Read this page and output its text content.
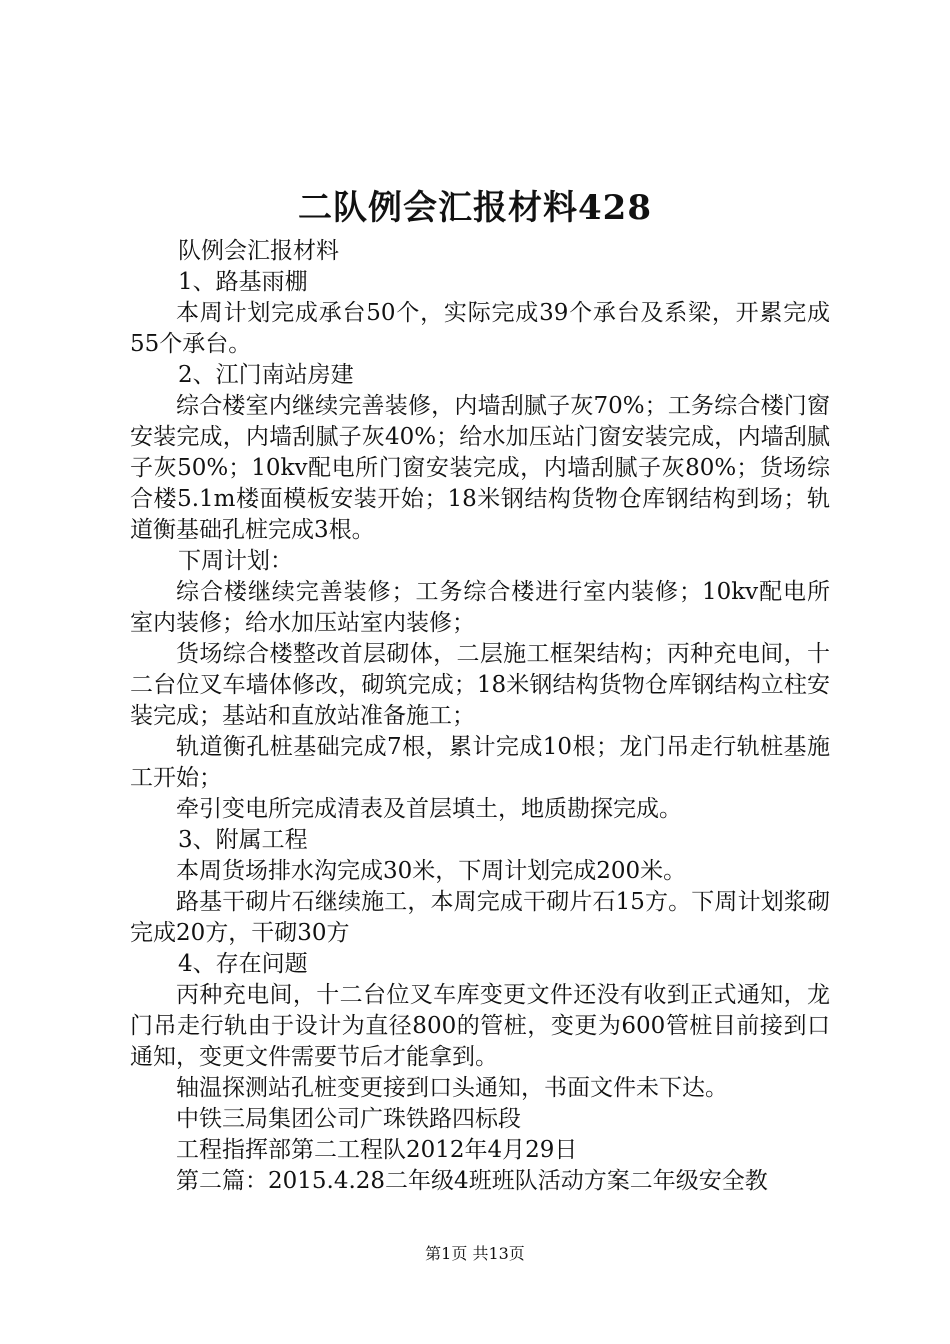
二队例会汇报材料428

队例会汇报材料

1、路基雨棚

本周计划完成承台50个，实际完成39个承台及系梁，开累完成55个承台。

2、江门南站房建

综合楼室内继续完善装修，内墙刮腻子灰70%；工务综合楼门窗安装完成，内墙刮腻子灰40%；给水加压站门窗安装完成，内墙刮腻子灰50%；10kv配电所门窗安装完成，内墙刮腻子灰80%；货场综合楼5.1m楼面模板安装开始；18米钢结构货物仓库钢结构到场；轨道衡基础孔桩完成3根。

下周计划：

综合楼继续完善装修；工务综合楼进行室内装修；10kv配电所室内装修；给水加压站室内装修；

货场综合楼整改首层砌体，二层施工框架结构；丙种充电间，十二台位叉车墙体修改，砌筑完成；18米钢结构货物仓库钢结构立柱安装完成；基站和直放站准备施工；

轨道衡孔桩基础完成7根，累计完成10根；龙门吊走行轨桩基施工开始；

牵引变电所完成清表及首层填土，地质勘探完成。

3、附属工程

本周货场排水沟完成30米，下周计划完成200米。

路基干砌片石继续施工，本周完成干砌片石15方。下周计划浆砌完成20方，干砌30方

4、存在问题

丙种充电间，十二台位叉车库变更文件还没有收到正式通知，龙门吊走行轨由于设计为直径800的管桩，变更为600管桩目前接到口通知，变更文件需要节后才能拿到。

轴温探测站孔桩变更接到口头通知，书面文件未下达。

中铁三局集团公司广珠铁路四标段

工程指挥部第二工程队2012年4月29日

第二篇：2015.4.28二年级4班班队活动方案二年级安全教

第1页 共13页
